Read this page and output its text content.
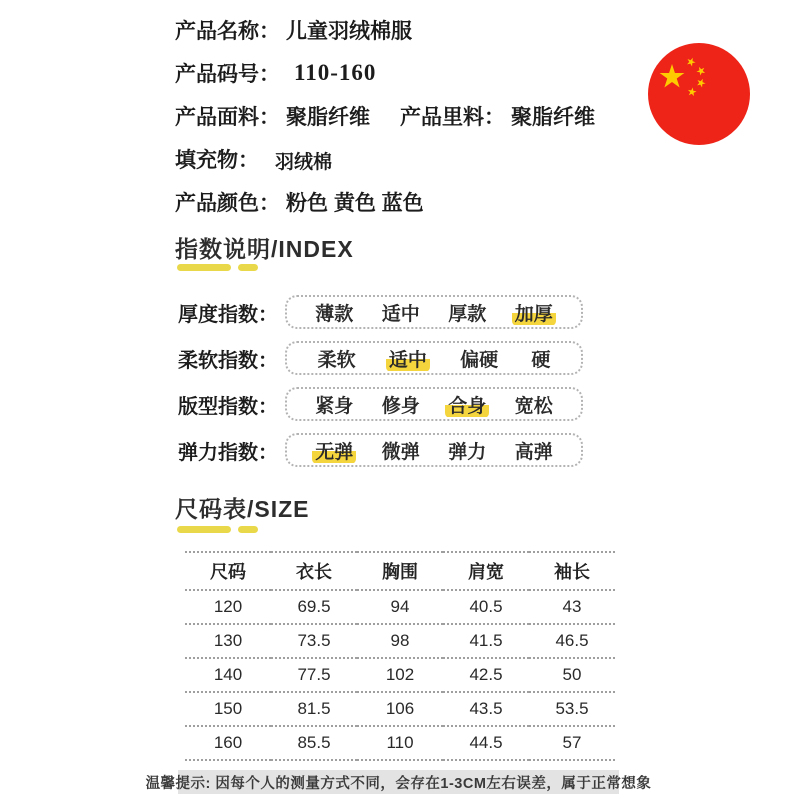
产品名称： 儿童羽绒棉服
产品码号： 110-160
产品面料： 聚脂纤维 产品里料： 聚脂纤维
填充物： 羽绒棉
产品颜色： 粉色 黄色 蓝色
指数说明/INDEX
厚度指数：	薄款 适中 厚款 加厚
柔软指数：	柔软 适中 偏硬 硬
版型指数：	紧身 修身 合身 宽松
弹力指数：	无弹 微弹 弹力 高弹
尺码表/SIZE
尺码	衣长	胸围	肩宽	袖长
120	69.5	94	40.5	43
130	73.5	98	41.5	46.5
140	77.5	102	42.5	50
150	81.5	106	43.5	53.5
160	85.5	110	44.5	57
温馨提示: 因每个人的测量方式不同，会存在1-3CM左右误差，属于正常想象
